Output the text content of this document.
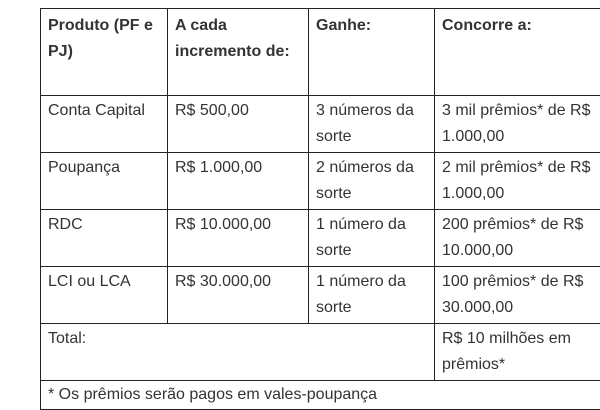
Produto (PF e PJ)	A cada incremento de:	Ganhe:	Concorre a:
Conta Capital	R$ 500,00	3 números da sorte	3 mil prêmios* de R$ 1.000,00
Poupança	R$ 1.000,00	2 números da sorte	2 mil prêmios* de R$ 1.000,00
RDC	R$ 10.000,00	1 número da sorte	200 prêmios* de R$ 10.000,00
LCI ou LCA	R$ 30.000,00	1 número da sorte	100 prêmios* de R$ 30.000,00
Total:			R$ 10 milhões em prêmios*
* Os prêmios serão pagos em vales-poupança			
